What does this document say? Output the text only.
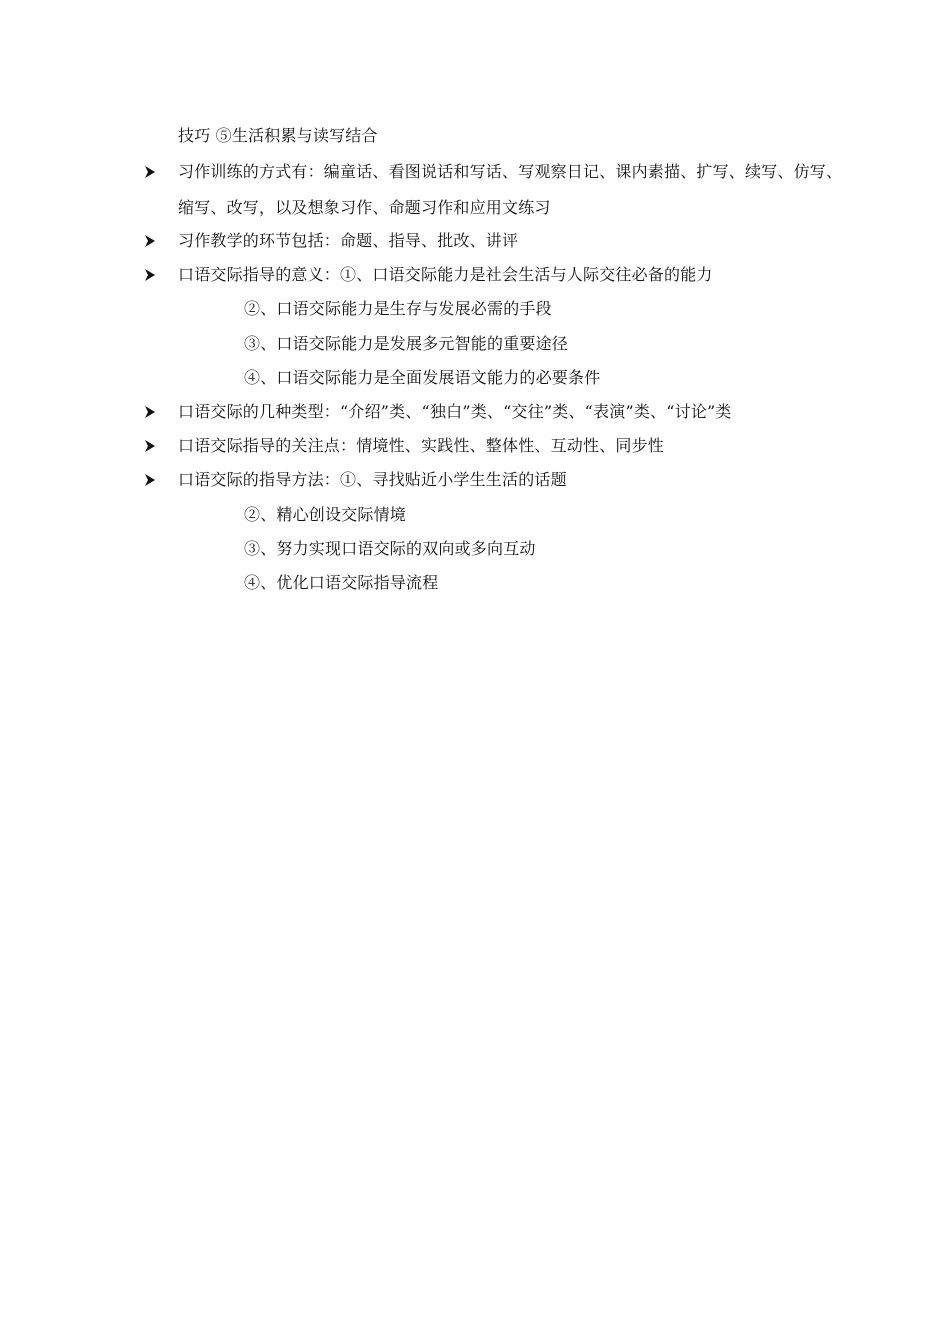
技巧 ⑤生活积累与读写结合
习作训练的方式有：编童话、看图说话和写话、写观察日记、课内素描、扩写、续写、仿写、
缩写、改写，以及想象习作、命题习作和应用文练习
习作教学的环节包括：命题、指导、批改、讲评
口语交际指导的意义：①、口语交际能力是社会生活与人际交往必备的能力
②、口语交际能力是生存与发展必需的手段
③、口语交际能力是发展多元智能的重要途径
④、口语交际能力是全面发展语文能力的必要条件
口语交际的几种类型：“介绍”类、“独白”类、“交往”类、“表演”类、“讨论”类
口语交际指导的关注点：情境性、实践性、整体性、互动性、同步性
口语交际的指导方法：①、寻找贴近小学生生活的话题
②、精心创设交际情境
③、努力实现口语交际的双向或多向互动
④、优化口语交际指导流程
